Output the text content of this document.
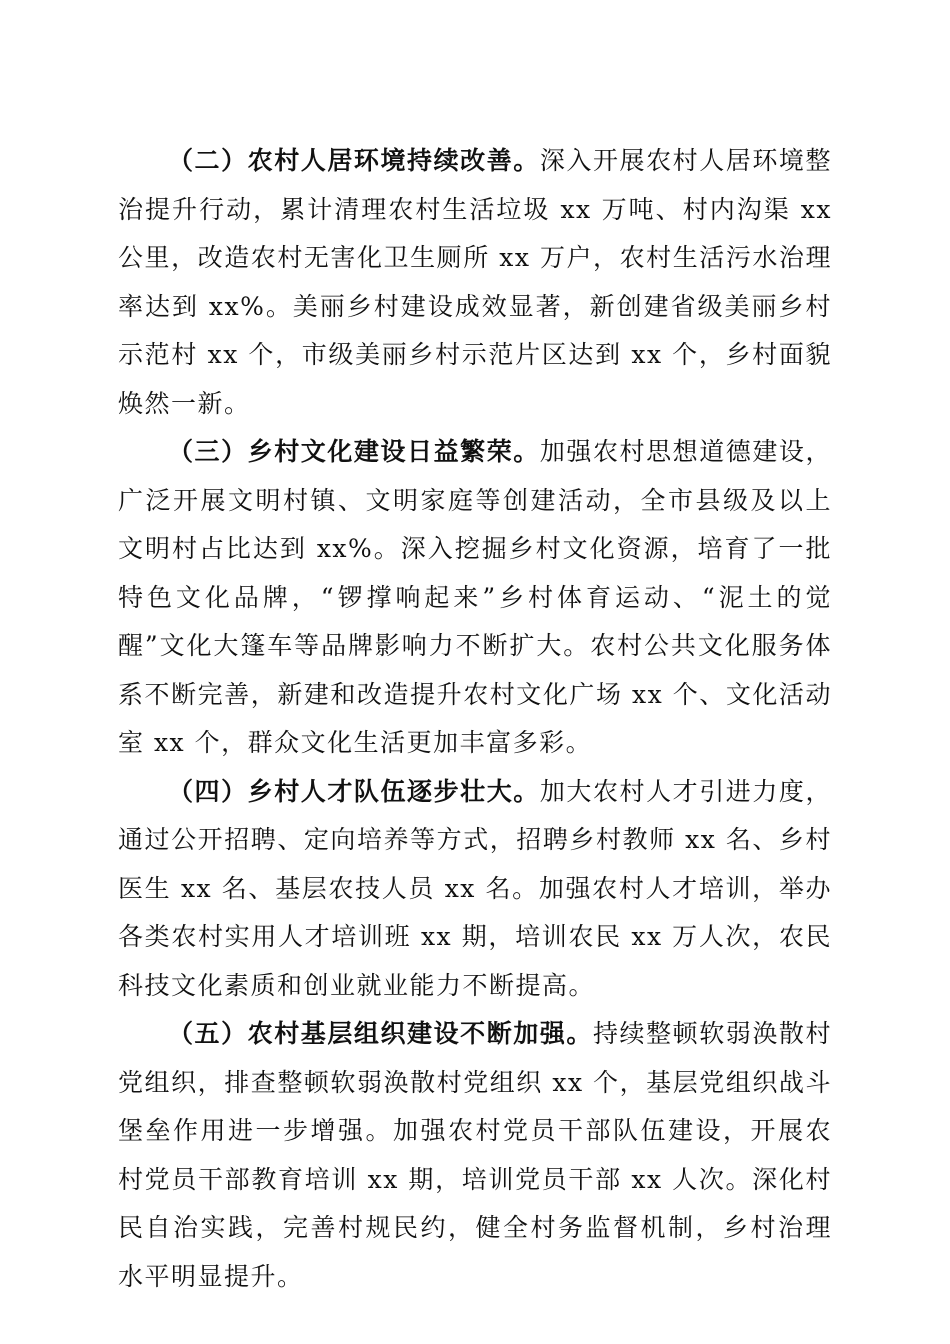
（二）农村人居环境持续改善。深入开展农村人居环境整治提升行动，累计清理农村生活垃圾 xx 万吨、村内沟渠 xx 公里，改造农村无害化卫生厕所 xx 万户，农村生活污水治理率达到 xx%。美丽乡村建设成效显著，新创建省级美丽乡村示范村 xx 个，市级美丽乡村示范片区达到 xx 个，乡村面貌焕然一新。

（三）乡村文化建设日益繁荣。加强农村思想道德建设，广泛开展文明村镇、文明家庭等创建活动，全市县级及以上文明村占比达到 xx%。深入挖掘乡村文化资源，培育了一批特色文化品牌，“锣撑响起来”乡村体育运动、“泥土的觉醒”文化大篷车等品牌影响力不断扩大。农村公共文化服务体系不断完善，新建和改造提升农村文化广场 xx 个、文化活动室 xx 个，群众文化生活更加丰富多彩。

（四）乡村人才队伍逐步壮大。加大农村人才引进力度，通过公开招聘、定向培养等方式，招聘乡村教师 xx 名、乡村医生 xx 名、基层农技人员 xx 名。加强农村人才培训，举办各类农村实用人才培训班 xx 期，培训农民 xx 万人次，农民科技文化素质和创业就业能力不断提高。

（五）农村基层组织建设不断加强。持续整顿软弱涣散村党组织，排查整顿软弱涣散村党组织 xx 个，基层党组织战斗堡垒作用进一步增强。加强农村党员干部队伍建设，开展农村党员干部教育培训 xx 期，培训党员干部 xx 人次。深化村民自治实践，完善村规民约，健全村务监督机制，乡村治理水平明显提升。
